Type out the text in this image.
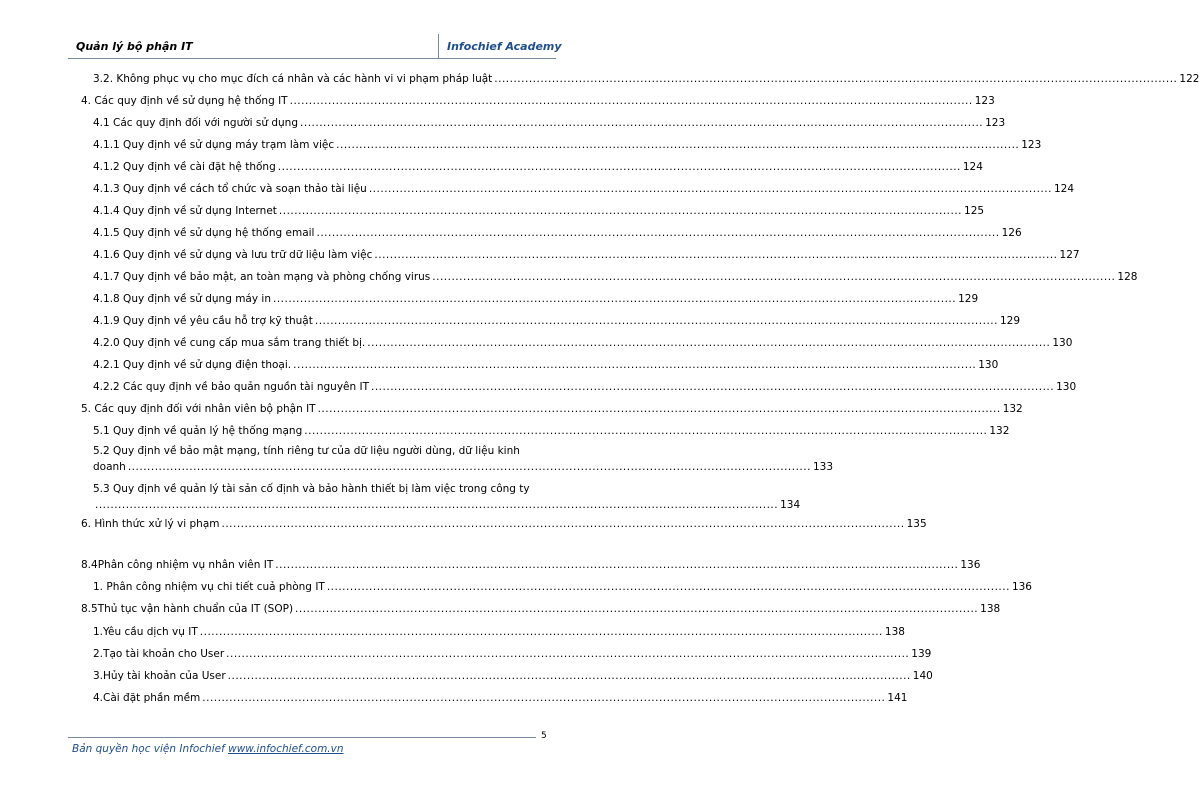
Quản lý bộ phận IT	Infochief Academy
3.2. Không phục vụ cho mục đích cá nhân và các hành vi vi phạm pháp luật .................................................................................................................................................................................. 122
4. Các quy định về sử dụng hệ thống IT .................................................................................................................................................................................. 123
4.1 Các quy định đối với người sử dụng .................................................................................................................................................................................. 123
4.1.1 Quy định về sử dụng máy trạm làm việc .................................................................................................................................................................................. 123
4.1.2 Quy định về cài đặt hệ thống .................................................................................................................................................................................. 124
4.1.3 Quy định về cách tổ chức và soạn thảo tài liệu .................................................................................................................................................................................. 124
4.1.4 Quy định về sử dụng Internet .................................................................................................................................................................................. 125
4.1.5 Quy định về sử dụng hệ thống email .................................................................................................................................................................................. 126
4.1.6 Quy định về sử dụng và lưu trữ dữ liệu làm việc .................................................................................................................................................................................. 127
4.1.7 Quy định về bảo mật, an toàn mạng và phòng chống virus .................................................................................................................................................................................. 128
4.1.8 Quy định về sử dụng máy in .................................................................................................................................................................................. 129
4.1.9 Quy định về yêu cầu hỗ trợ kỹ thuật .................................................................................................................................................................................. 129
4.2.0 Quy định về cung cấp mua sắm trang thiết bị. .................................................................................................................................................................................. 130
4.2.1 Quy định về sử dụng điện thoại. .................................................................................................................................................................................. 130
4.2.2 Các quy định về bảo quản nguồn tài nguyên IT .................................................................................................................................................................................. 130
5. Các quy định đối với nhân viên bộ phận IT .................................................................................................................................................................................. 132
5.1 Quy định về quản lý hệ thống mạng .................................................................................................................................................................................. 132
5.2 Quy định về bảo mật mạng, tính riêng tư của dữ liệu người dùng, dữ liệu kinh
doanh .................................................................................................................................................................................. 133
5.3 Quy định về quản lý tài sản cố định và bảo hành thiết bị làm việc trong công ty
.................................................................................................................................................................................. 134
6. Hình thức xử lý vi phạm .................................................................................................................................................................................. 135
8.4 Phân công nhiệm vụ nhân viên IT .................................................................................................................................................................................. 136
1. Phân công nhiệm vụ chi tiết cuả phòng IT .................................................................................................................................................................................. 136
8.5 Thủ tục vận hành chuẩn của IT (SOP) .................................................................................................................................................................................. 138
1. Yêu cầu dịch vụ IT .................................................................................................................................................................................. 138
2. Tạo tài khoản cho User .................................................................................................................................................................................. 139
3. Hủy tài khoản của User .................................................................................................................................................................................. 140
4. Cài đặt phần mềm .................................................................................................................................................................................. 141
5
Bản quyền học viện Infochief www.infochief.com.vn
